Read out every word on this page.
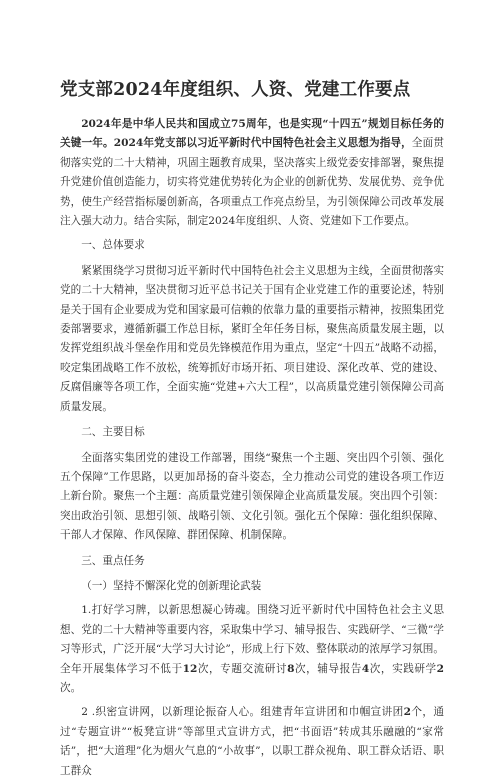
党支部2024年度组织、人资、党建工作要点

2024年是中华人民共和国成立75周年，也是实现“十四五”规划目标任务的关键一年。2024年党支部以习近平新时代中国特色社会主义思想为指导，全面贯彻落实党的二十大精神，巩固主题教育成果，坚决落实上级党委安排部署，聚焦提升党建价值创造能力，切实将党建优势转化为企业的创新优势、发展优势、竞争优势，使生产经营指标屡创新高，各项重点工作亮点纷呈，为引领保障公司改革发展注入强大动力。结合实际，制定2024年度组织、人资、党建如下工作要点。

一、总体要求

紧紧围绕学习贯彻习近平新时代中国特色社会主义思想为主线，全面贯彻落实党的二十大精神，坚决贯彻习近平总书记关于国有企业党建工作的重要论述，特别是关于国有企业要成为党和国家最可信赖的依靠力量的重要指示精神，按照集团党委部署要求，遵循新疆工作总目标，紧盯全年任务目标，聚焦高质量发展主题，以发挥党组织战斗堡垒作用和党员先锋模范作用为重点，坚定“十四五”战略不动摇，咬定集团战略工作不放松，统筹抓好市场开拓、项目建设、深化改革、党的建设、反腐倡廉等各项工作，全面实施“党建+六大工程”，以高质量党建引领保障公司高质量发展。

二、主要目标

全面落实集团党的建设工作部署，围绕“聚焦一个主题、突出四个引领、强化五个保障”工作思路，以更加昂扬的奋斗姿态，全力推动公司党的建设各项工作迈上新台阶。聚焦一个主题：高质量党建引领保障企业高质量发展。突出四个引领：突出政治引领、思想引领、战略引领、文化引领。强化五个保障：强化组织保障、干部人才保障、作风保障、群团保障、机制保障。

三、重点任务
（一）坚持不懈深化党的创新理论武装

1.打好学习牌，以新思想凝心铸魂。围绕习近平新时代中国特色社会主义思想、党的二十大精神等重要内容，采取集中学习、辅导报告、实践研学、“三微”学习等形式，广泛开展“大学习大讨论”，形成上行下效、整体联动的浓厚学习氛围。全年开展集体学习不低于12次，专题交流研讨8次，辅导报告4次，实践研学2次。

2 .织密宣讲网，以新理论振奋人心。组建青年宣讲团和巾帼宣讲团2个，通过“专题宣讲”“板凳宣讲”等部里式宣讲方式，把“书面语”转成其乐融融的“家常话”，把“大道理”化为烟火气息的“小故事”，以职工群众视角、职工群众话语、职工群众
